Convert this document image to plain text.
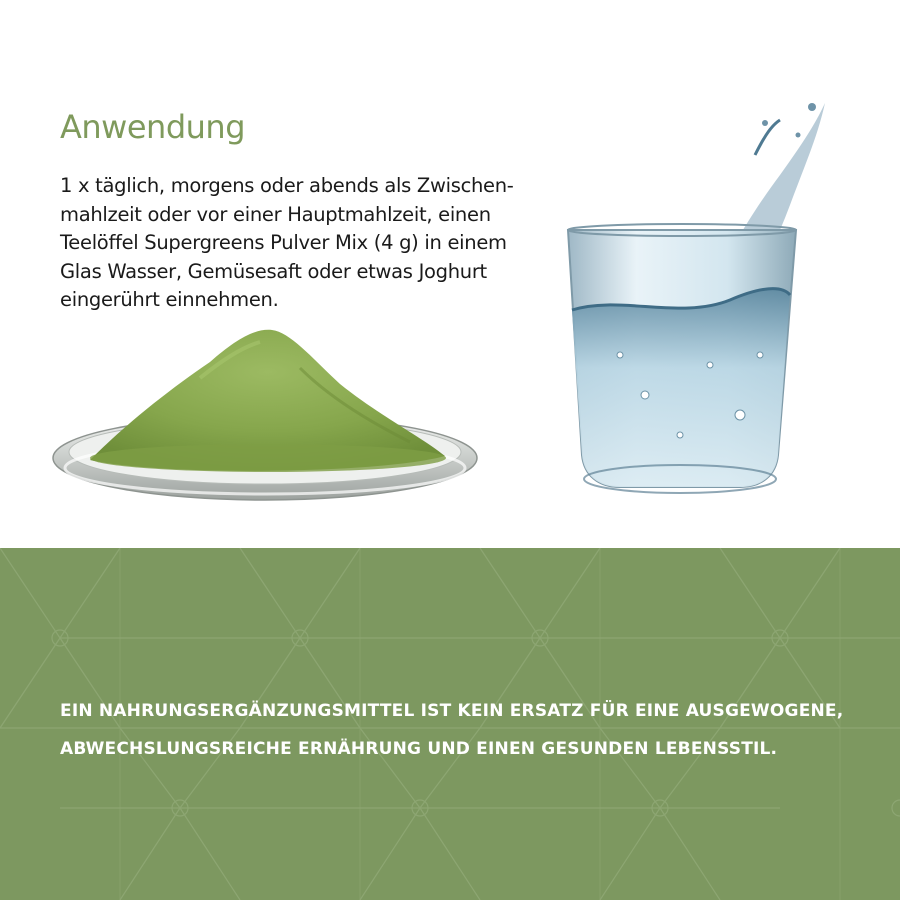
Anwendung

1 x täglich, morgens oder abends als Zwischen-
mahlzeit oder vor einer Hauptmahlzeit, einen
Teelöffel Supergreens Pulver Mix (4 g) in einem
Glas Wasser, Gemüsesaft oder etwas Joghurt
eingerührt einnehmen.

EIN NAHRUNGSERGÄNZUNGSMITTEL IST KEIN ERSATZ FÜR EINE AUSGEWOGENE,
ABWECHSLUNGSREICHE ERNÄHRUNG UND EINEN GESUNDEN LEBENSSTIL.
